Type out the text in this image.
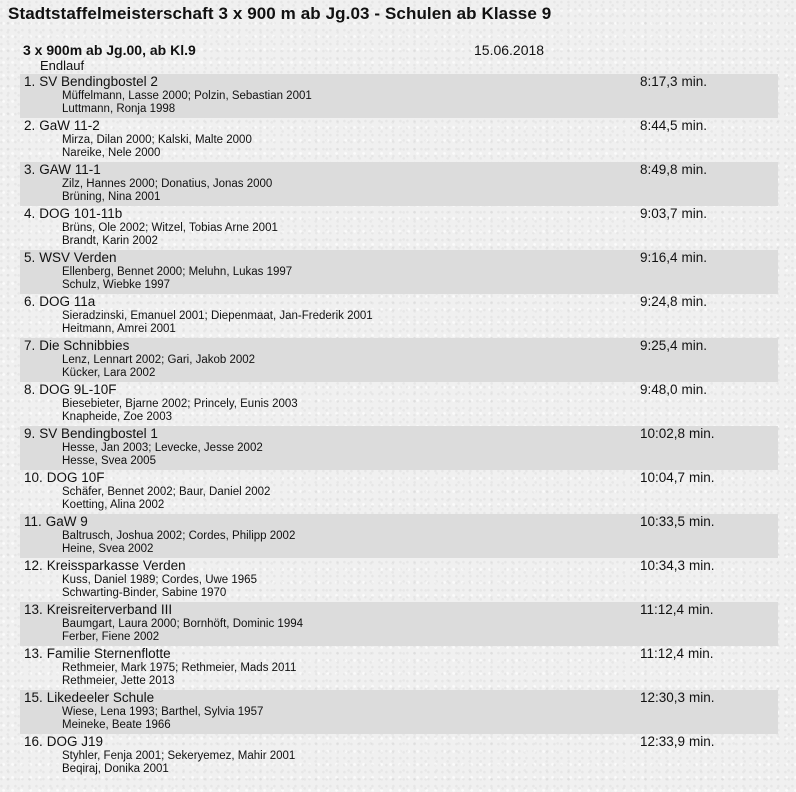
Stadtstaffelmeisterschaft 3 x 900 m ab Jg.03 - Schulen ab Klasse 9
3 x 900m ab Jg.00, ab Kl.9	15.06.2018
Endlauf
1. SV Bendingbostel 2	8:17,3 min.
Müffelmann, Lasse 2000; Polzin, Sebastian 2001
Luttmann, Ronja 1998
2. GaW 11-2	8:44,5 min.
Mirza, Dilan 2000; Kalski, Malte 2000
Nareike, Nele 2000
3. GAW 11-1	8:49,8 min.
Zilz, Hannes 2000; Donatius, Jonas 2000
Brüning, Nina 2001
4. DOG 101-11b	9:03,7 min.
Brüns, Ole 2002; Witzel, Tobias Arne 2001
Brandt, Karin 2002
5. WSV Verden	9:16,4 min.
Ellenberg, Bennet 2000; Meluhn, Lukas 1997
Schulz, Wiebke 1997
6. DOG 11a	9:24,8 min.
Sieradzinski, Emanuel 2001; Diepenmaat, Jan-Frederik 2001
Heitmann, Amrei 2001
7. Die Schnibbies	9:25,4 min.
Lenz, Lennart 2002; Gari, Jakob 2002
Kücker, Lara 2002
8. DOG 9L-10F	9:48,0 min.
Biesebieter, Bjarne 2002; Princely, Eunis 2003
Knapheide, Zoe 2003
9. SV Bendingbostel 1	10:02,8 min.
Hesse, Jan 2003; Levecke, Jesse 2002
Hesse, Svea 2005
10. DOG 10F	10:04,7 min.
Schäfer, Bennet 2002; Baur, Daniel 2002
Koetting, Alina 2002
11. GaW 9	10:33,5 min.
Baltrusch, Joshua 2002; Cordes, Philipp 2002
Heine, Svea 2002
12. Kreissparkasse Verden	10:34,3 min.
Kuss, Daniel 1989; Cordes, Uwe 1965
Schwarting-Binder, Sabine 1970
13. Kreisreiterverband III	11:12,4 min.
Baumgart, Laura 2000; Bornhöft, Dominic 1994
Ferber, Fiene 2002
13. Familie Sternenflotte	11:12,4 min.
Rethmeier, Mark 1975; Rethmeier, Mads 2011
Rethmeier, Jette 2013
15. Likedeeler Schule	12:30,3 min.
Wiese, Lena 1993; Barthel, Sylvia 1957
Meineke, Beate 1966
16. DOG J19	12:33,9 min.
Styhler, Fenja 2001; Sekeryemez, Mahir 2001
Beqiraj, Donika 2001
